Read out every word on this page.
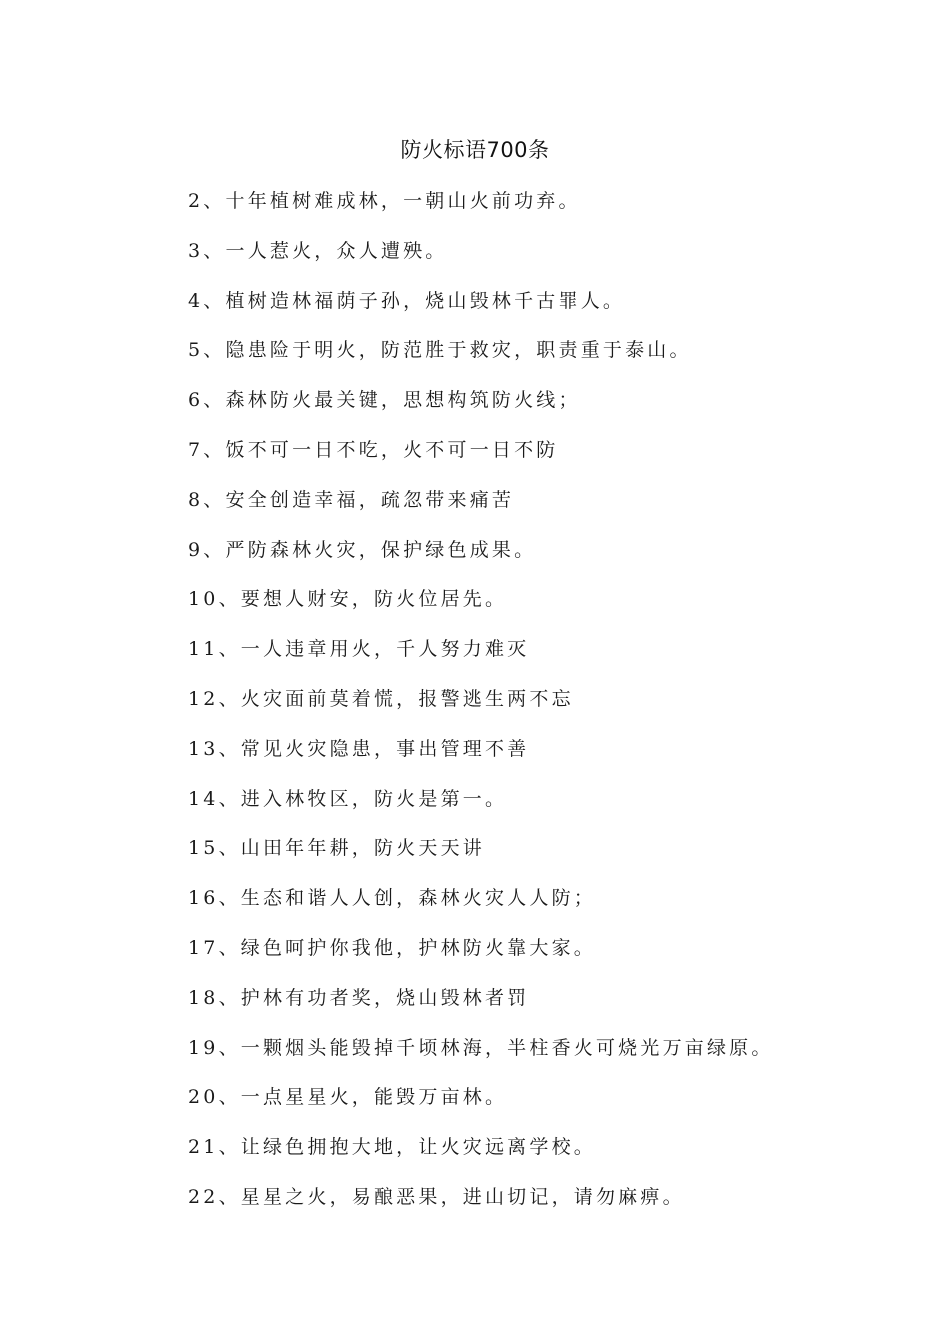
防火标语700条
2、十年植树难成林，一朝山火前功弃。
3、一人惹火，众人遭殃。
4、植树造林福荫子孙，烧山毁林千古罪人。
5、隐患险于明火，防范胜于救灾，职责重于泰山。
6、森林防火最关键，思想构筑防火线；
7、饭不可一日不吃，火不可一日不防
8、安全创造幸福，疏忽带来痛苦
9、严防森林火灾，保护绿色成果。
10、要想人财安，防火位居先。
11、一人违章用火，千人努力难灭
12、火灾面前莫着慌，报警逃生两不忘
13、常见火灾隐患，事出管理不善
14、进入林牧区，防火是第一。
15、山田年年耕，防火天天讲
16、生态和谐人人创，森林火灾人人防；
17、绿色呵护你我他，护林防火靠大家。
18、护林有功者奖，烧山毁林者罚
19、一颗烟头能毁掉千顷林海，半柱香火可烧光万亩绿原。
20、一点星星火，能毁万亩林。
21、让绿色拥抱大地，让火灾远离学校。
22、星星之火，易酿恶果，进山切记，请勿麻痹。
